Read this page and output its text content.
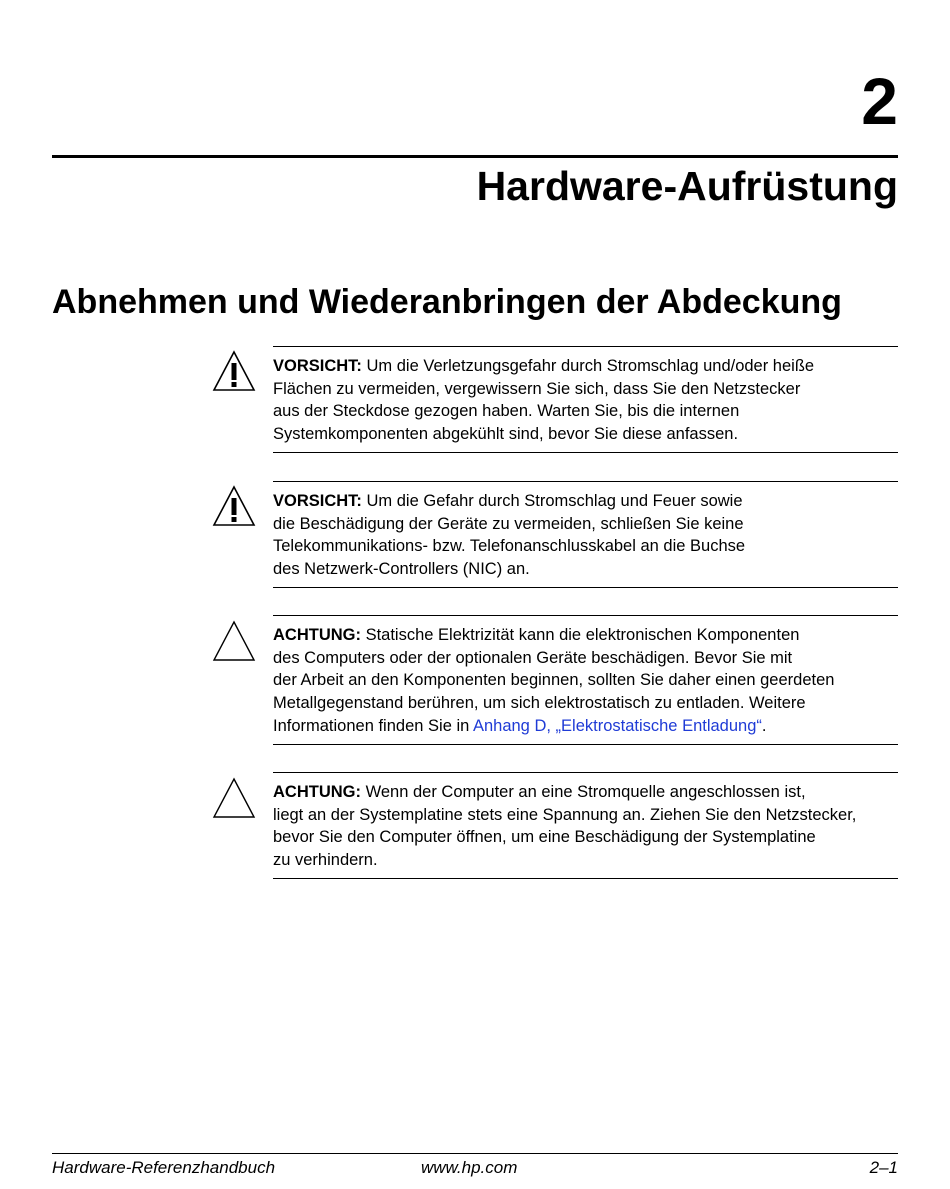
2
Hardware-Aufrüstung
Abnehmen und Wiederanbringen der Abdeckung

VORSICHT: Um die Verletzungsgefahr durch Stromschlag und/oder heiße
Flächen zu vermeiden, vergewissern Sie sich, dass Sie den Netzstecker
aus der Steckdose gezogen haben. Warten Sie, bis die internen
Systemkomponenten abgekühlt sind, bevor Sie diese anfassen.

VORSICHT: Um die Gefahr durch Stromschlag und Feuer sowie
die Beschädigung der Geräte zu vermeiden, schließen Sie keine
Telekommunikations- bzw. Telefonanschlusskabel an die Buchse
des Netzwerk-Controllers (NIC) an.

ACHTUNG: Statische Elektrizität kann die elektronischen Komponenten
des Computers oder der optionalen Geräte beschädigen. Bevor Sie mit
der Arbeit an den Komponenten beginnen, sollten Sie daher einen geerdeten
Metallgegenstand berühren, um sich elektrostatisch zu entladen. Weitere
Informationen finden Sie in Anhang D, „Elektrostatische Entladung“.

ACHTUNG: Wenn der Computer an eine Stromquelle angeschlossen ist,
liegt an der Systemplatine stets eine Spannung an. Ziehen Sie den Netzstecker,
bevor Sie den Computer öffnen, um eine Beschädigung der Systemplatine
zu verhindern.

Hardware-Referenzhandbuch	www.hp.com	2–1
